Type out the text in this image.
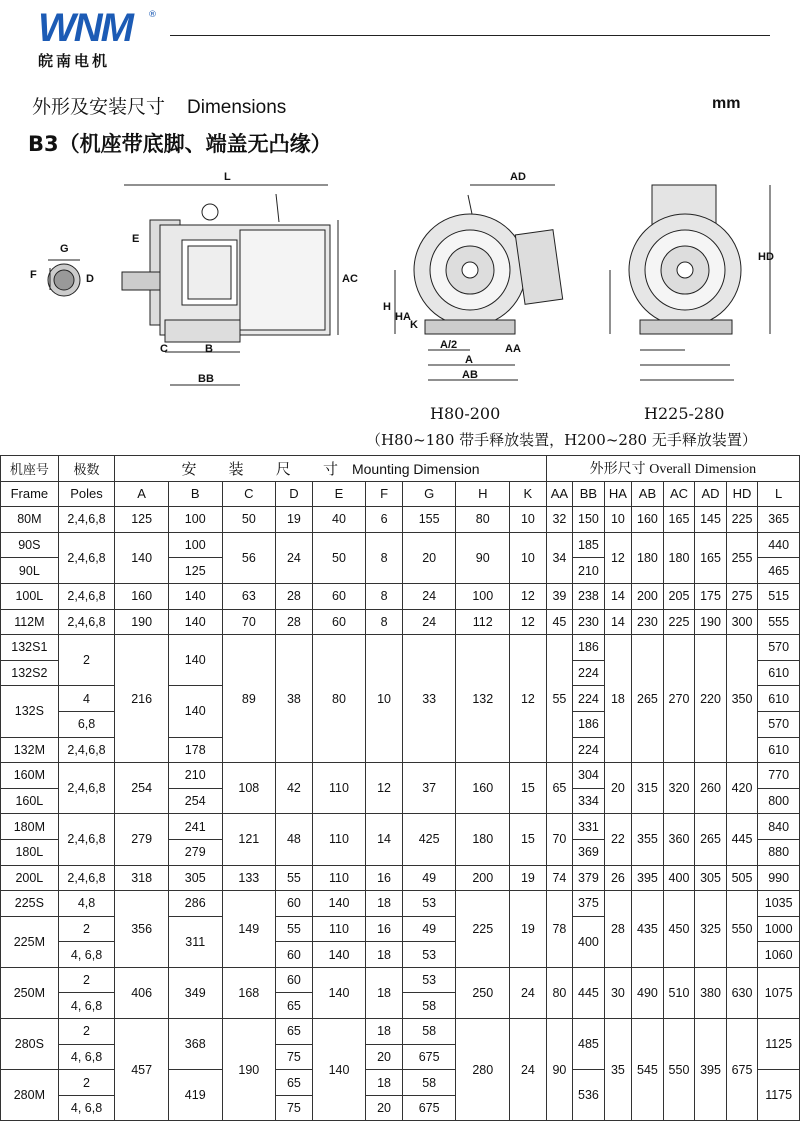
WNM ®
皖南电机
外形及安装尺寸 Dimensions	mm
B3（机座带底脚、端盖无凸缘）
L
E
G
F	D	AC
C	B
BB
AD
H
HA
K
A/2
A
AB
AA
HD
H80-200	H225-280
（H80~180 带手释放装置，H200~280 无手释放装置）
机座号	极数	安 装 尺 寸Mounting Dimension									外形尺寸 Overall Dimension							
Frame	Poles	A	B	C	D	E	F	G	H	K	AA	BB	HA	AB	AC	AD	HD	L
80M	2,4,6,8	125	100	50	19	40	6	155	80	10	32	150	10	160	165	145	225	365
90S	2,4,6,8	140	100	56	24	50	8	20	90	10	34	185	12	180	180	165	255	440
90L			125									210						465
100L	2,4,6,8	160	140	63	28	60	8	24	100	12	39	238	14	200	205	175	275	515
112M	2,4,6,8	190	140	70	28	60	8	24	112	12	45	230	14	230	225	190	300	555
132S1	2	216	140	89	38	80	10	33	132	12	55	186	18	265	270	220	350	570
132S2												224						610
132S	4		140									224						610
	6,8											186						570
132M	2,4,6,8		178									224						610
160M	2,4,6,8	254	210	108	42	110	12	37	160	15	65	304	20	315	320	260	420	770
160L			254									334						800
180M	2,4,6,8	279	241	121	48	110	14	425	180	15	70	331	22	355	360	265	445	840
180L			279									369						880
200L	2,4,6,8	318	305	133	55	110	16	49	200	19	74	379	26	395	400	305	505	990
225S	4,8	356	286	149	60	140	18	53	225	19	78	375	28	435	450	325	550	1035
225M	2		311		55	110	16	49				400						1000
	4, 6,8				60	140	18	53										1060
250M	2	406	349	168	60	140	18	53	250	24	80	445	30	490	510	380	630	1075
	4, 6,8				65			58										
280S	2	457	368	190	65	140	18	58	280	24	90	485	35	545	550	395	675	1125
	4, 6,8				75		20	675										
280M	2		419		65		18	58				536						1175
	4, 6,8				75		20	675										
